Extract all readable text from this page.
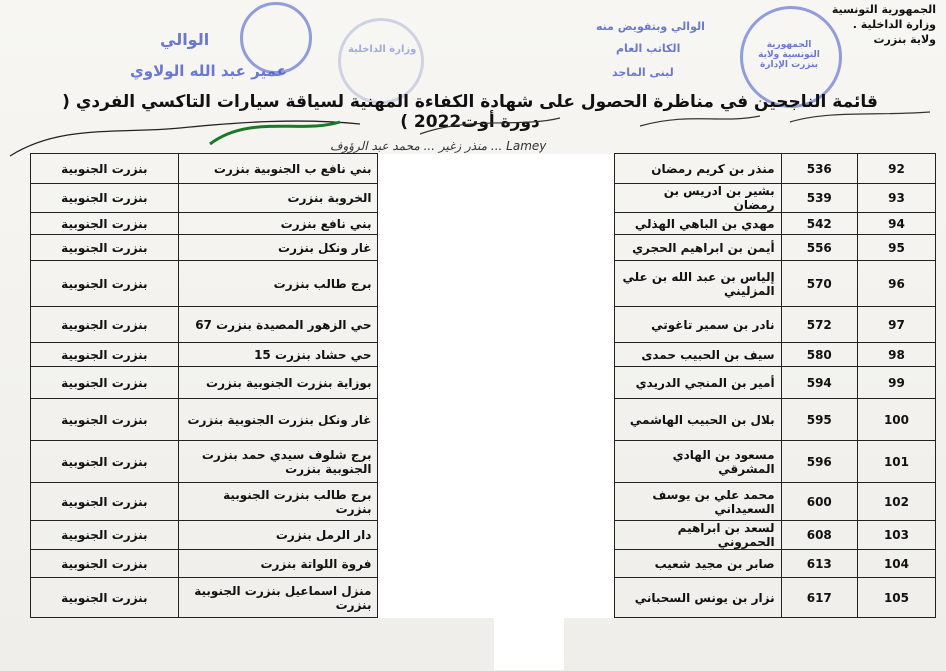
الجمهورية التونسية
وزارة الداخلية .
ولاية بنزرت
الوالي
عمير عبد الله الولاوي
وزارة الداخلية
الوالي وبتفويض منه
الكاتب العام
لبنى الماجد
الجمهورية التونسية ولاية بنزرت الإدارة
قائمة الناجحين في مناظرة الحصول على شهادة الكفاءة المهنية لسياقة سيارات التاكسي الفردي ( دورة أوت2022 )
منذر زغير ... محمد عبد الرؤوف ... Lamey
92	536	منذر بن كريم رمضان		بني نافع ب الجنوبية بنزرت	بنزرت الجنوبية
93	539	بشير بن ادريس بن رمضان		الخروبة بنزرت	بنزرت الجنوبية
94	542	مهدي بن الباهي الهذلي		بني نافع بنزرت	بنزرت الجنوبية
95	556	أيمن بن ابراهيم الحجري		غار ونكل بنزرت	بنزرت الجنوبية
96	570	إلياس بن عبد الله بن علي المزليني		برج طالب بنزرت	بنزرت الجنوبية
97	572	نادر بن سمير تاغوتي		حي الزهور المصيدة بنزرت 67	بنزرت الجنوبية
98	580	سيف بن الحبيب حمدى		حي حشاد بنزرت 15	بنزرت الجنوبية
99	594	أمير بن المنجي الدريدي		بوزاية بنزرت الجنوبية بنزرت	بنزرت الجنوبية
100	595	بلال بن الحبيب الهاشمي		غار ونكل بنزرت الجنوبية بنزرت	بنزرت الجنوبية
101	596	مسعود بن الهادي المشرقي		برج شلوف سيدي حمد بنزرت الجنوبية بنزرت	بنزرت الجنوبية
102	600	محمد علي بن يوسف السعيداني		برج طالب بنزرت الجنوبية بنزرت	بنزرت الجنوبية
103	608	لسعد بن ابراهيم الحمروني		دار الرمل بنزرت	بنزرت الجنوبية
104	613	صابر بن مجيد شعيب		فروة اللواتة بنزرت	بنزرت الجنوبية
105	617	نزار بن يونس السحباني		منزل اسماعيل بنزرت الجنوبية بنزرت	بنزرت الجنوبية
